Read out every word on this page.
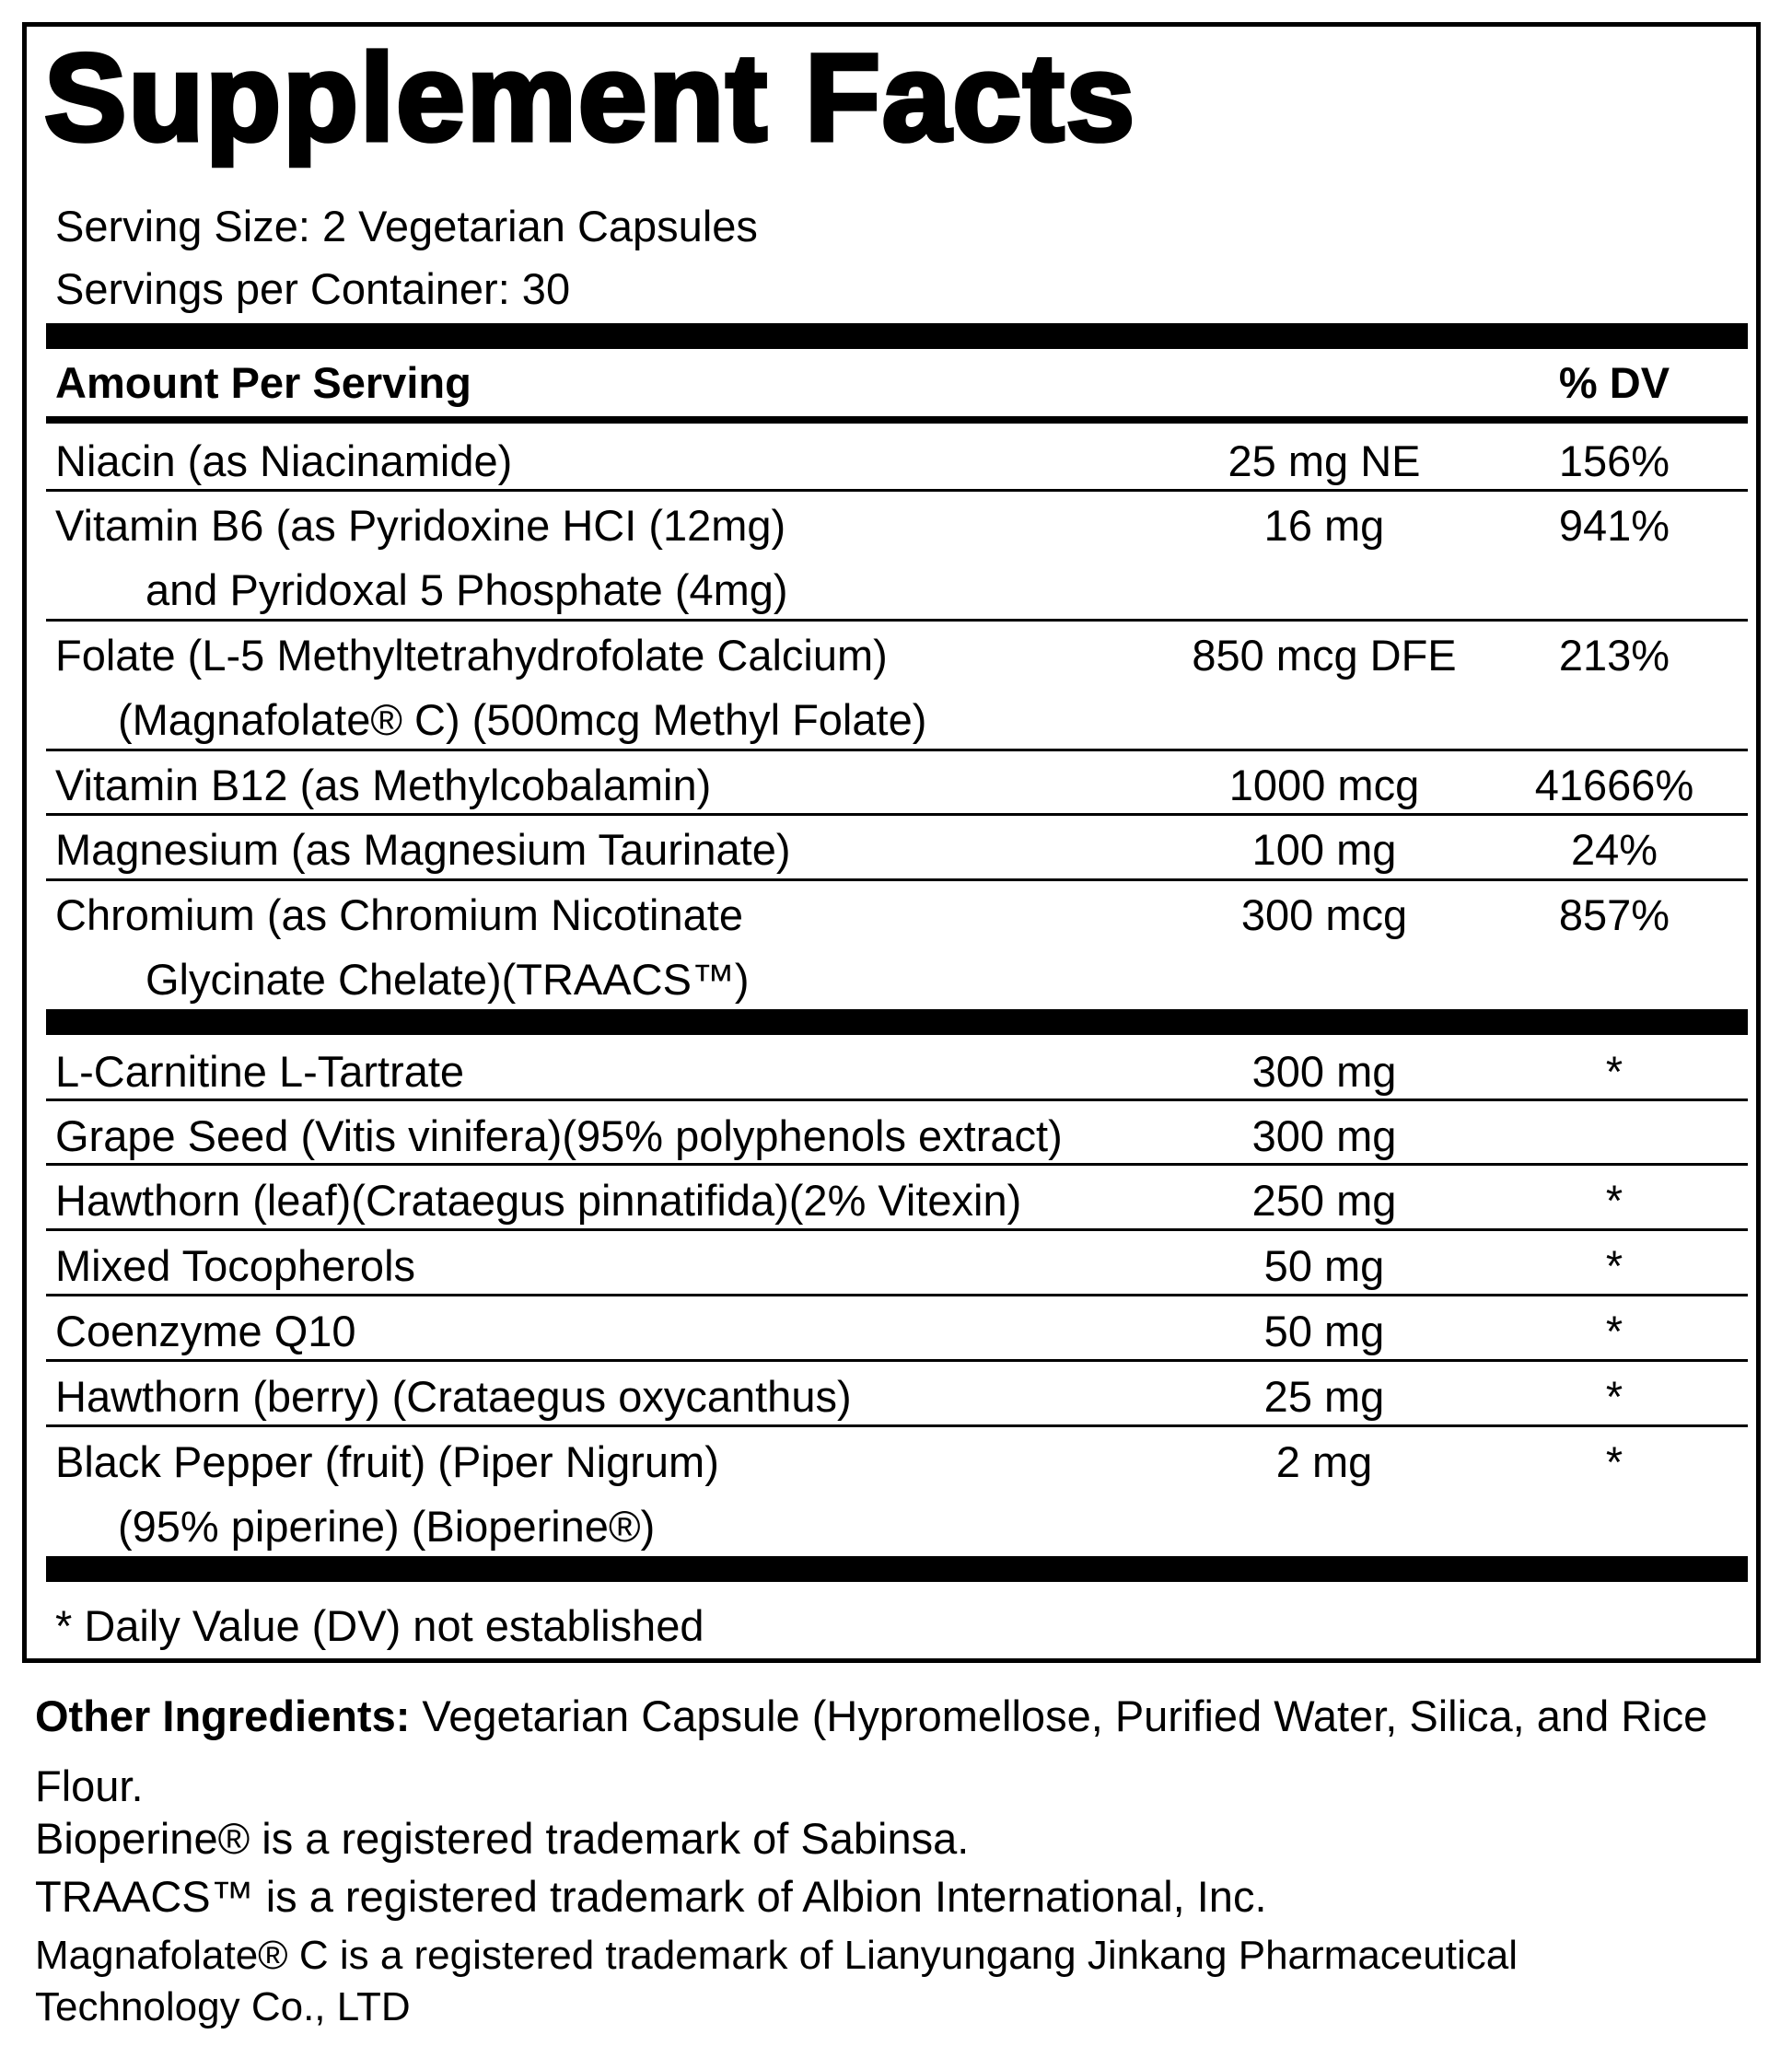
Supplement Facts
Serving Size: 2 Vegetarian Capsules
Servings per Container: 30
Amount Per Serving	% DV
Niacin (as Niacinamide)	25 mg NE	156%
Vitamin B6 (as Pyridoxine HCI (12mg)
and Pyridoxal 5 Phosphate (4mg)
16 mg	941%
Folate (L-5 Methyltetrahydrofolate Calcium)
(Magnafolate® C) (500mcg Methyl Folate)
850 mcg DFE 213%
Vitamin B12 (as Methylcobalamin)	1000 mcg	41666%
Magnesium (as Magnesium Taurinate)	100 mg	24%
Chromium (as Chromium Nicotinate
Glycinate Chelate)(TRAACS™)
300 mcg	857%
L-Carnitine L-Tartrate	300 mg	*
Grape Seed (Vitis vinifera)(95% polyphenols extract)	300 mg
Hawthorn (leaf)(Crataegus pinnatifida)(2% Vitexin)	250 mg	*
Mixed Tocopherols	50 mg	*
Coenzyme Q10	50 mg	*
Hawthorn (berry) (Crataegus oxycanthus)	25 mg	*
Black Pepper (fruit) (Piper Nigrum)
(95% piperine) (Bioperine®)
2 mg	*
* Daily Value (DV) not established

Other Ingredients: Vegetarian Capsule (Hypromellose, Purified Water, Silica, and Rice Flour.

Bioperine® is a registered trademark of Sabinsa.
TRAACS™ is a registered trademark of Albion International, Inc.
Magnafolate® C is a registered trademark of Lianyungang Jinkang Pharmaceutical
Technology Co., LTD
